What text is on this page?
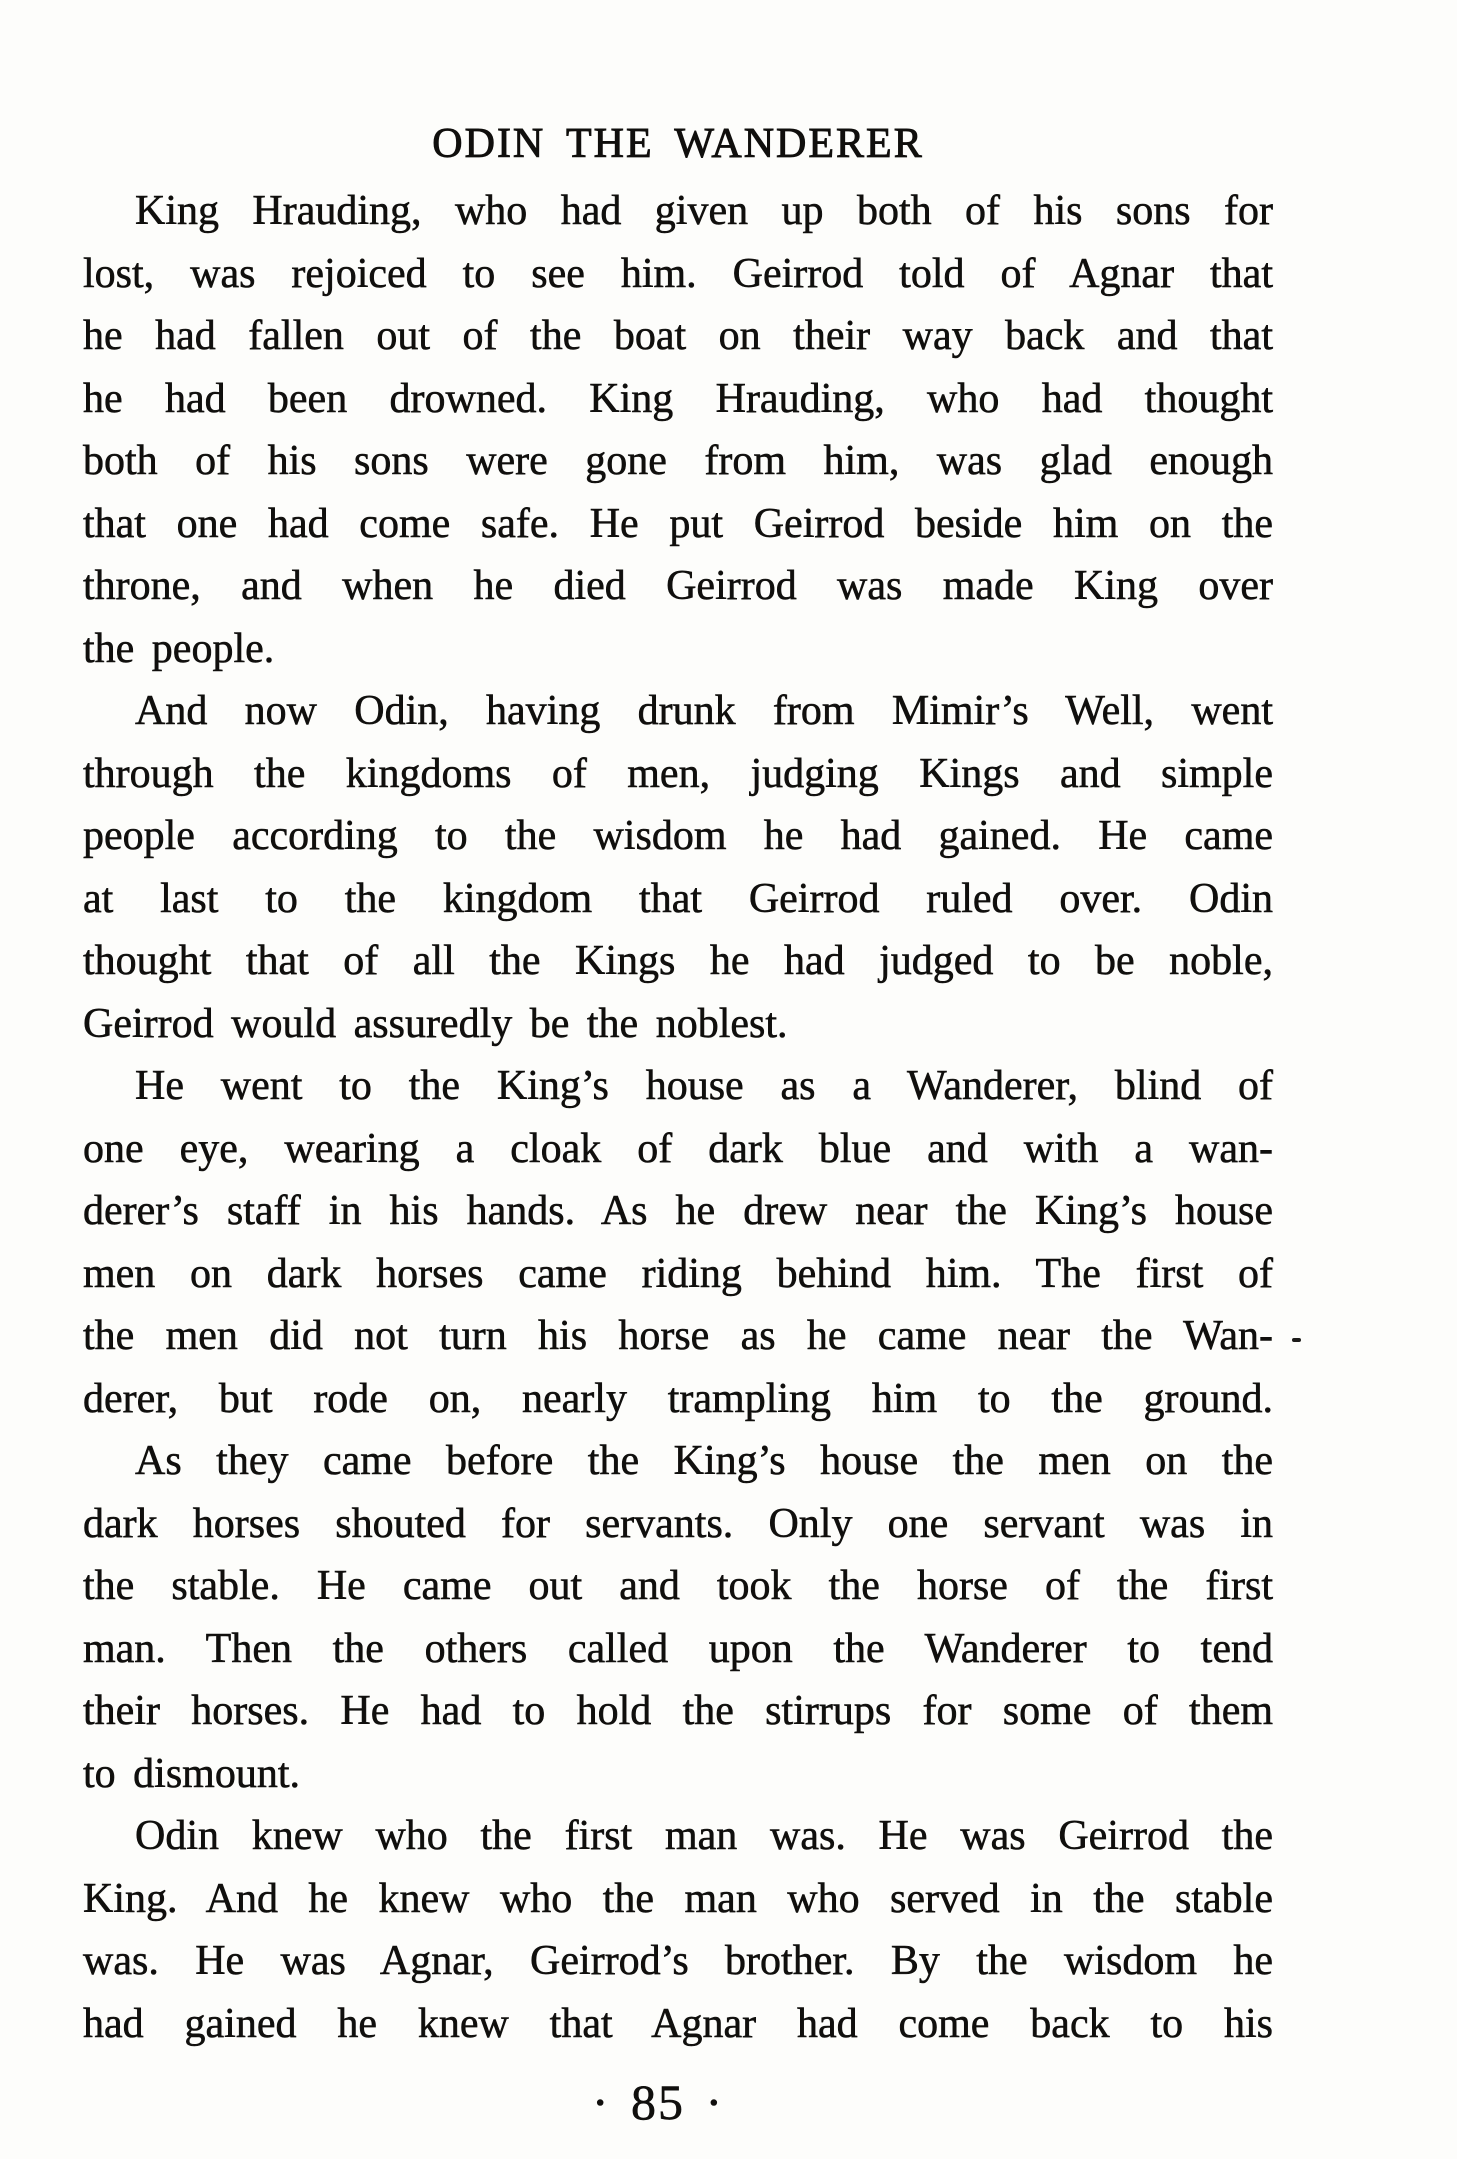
ODIN THE WANDERER
King Hrauding, who had given up both of his sons for
lost, was rejoiced to see him. Geirrod told of Agnar that
he had fallen out of the boat on their way back and that
he had been drowned. King Hrauding, who had thought
both of his sons were gone from him, was glad enough
that one had come safe. He put Geirrod beside him on the
throne, and when he died Geirrod was made King over
the people.
And now Odin, having drunk from Mimir’s Well, went
through the kingdoms of men, judging Kings and simple
people according to the wisdom he had gained. He came
at last to the kingdom that Geirrod ruled over. Odin
thought that of all the Kings he had judged to be noble,
Geirrod would assuredly be the noblest.
He went to the King’s house as a Wanderer, blind of
one eye, wearing a cloak of dark blue and with a wan-
derer’s staff in his hands. As he drew near the King’s house
men on dark horses came riding behind him. The first of
the men did not turn his horse as he came near the Wan-
derer, but rode on, nearly trampling him to the ground.
As they came before the King’s house the men on the
dark horses shouted for servants. Only one servant was in
the stable. He came out and took the horse of the first
man. Then the others called upon the Wanderer to tend
their horses. He had to hold the stirrups for some of them
to dismount.
Odin knew who the first man was. He was Geirrod the
King. And he knew who the man who served in the stable
was. He was Agnar, Geirrod’s brother. By the wisdom he
had gained he knew that Agnar had come back to his
· 85 ·
